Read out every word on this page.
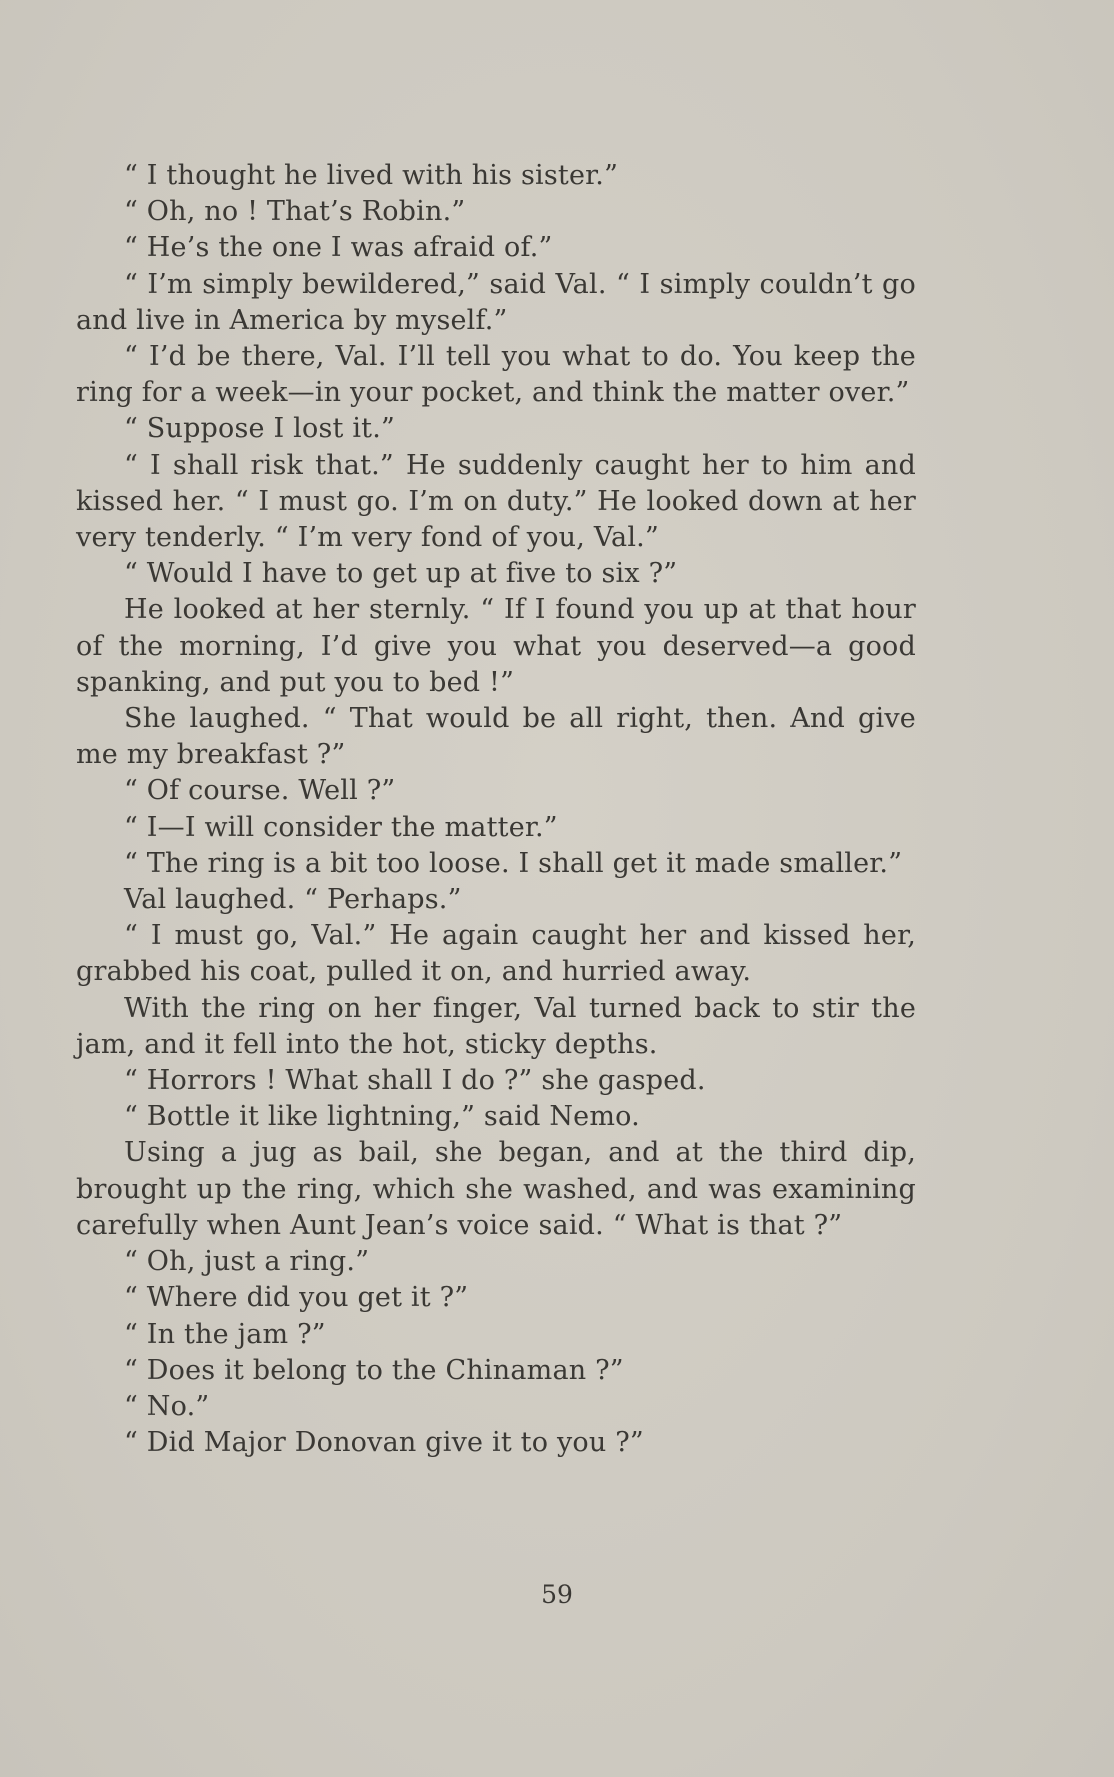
“ I thought he lived with his sister.”

“ Oh, no ! That’s Robin.”

“ He’s the one I was afraid of.”

“ I’m simply bewildered,” said Val. “ I simply couldn’t go and live in America by myself.”

“ I’d be there, Val. I’ll tell you what to do. You keep the ring for a week—in your pocket, and think the matter over.”

“ Suppose I lost it.”

“ I shall risk that.” He suddenly caught her to him and kissed her. “ I must go. I’m on duty.” He looked down at her very tenderly. “ I’m very fond of you, Val.”

“ Would I have to get up at five to six ?”

He looked at her sternly. “ If I found you up at that hour of the morning, I’d give you what you deserved—a good spanking, and put you to bed !”

She laughed. “ That would be all right, then. And give me my breakfast ?”

“ Of course. Well ?”

“ I—I will consider the matter.”

“ The ring is a bit too loose. I shall get it made smaller.”

Val laughed. “ Perhaps.”

“ I must go, Val.” He again caught her and kissed her, grabbed his coat, pulled it on, and hurried away.

With the ring on her finger, Val turned back to stir the jam, and it fell into the hot, sticky depths.

“ Horrors ! What shall I do ?” she gasped.

“ Bottle it like lightning,” said Nemo.

Using a jug as bail, she began, and at the third dip, brought up the ring, which she washed, and was examining carefully when Aunt Jean’s voice said. “ What is that ?”

“ Oh, just a ring.”

“ Where did you get it ?”

“ In the jam ?”

“ Does it belong to the Chinaman ?”

“ No.”

“ Did Major Donovan give it to you ?”

59
